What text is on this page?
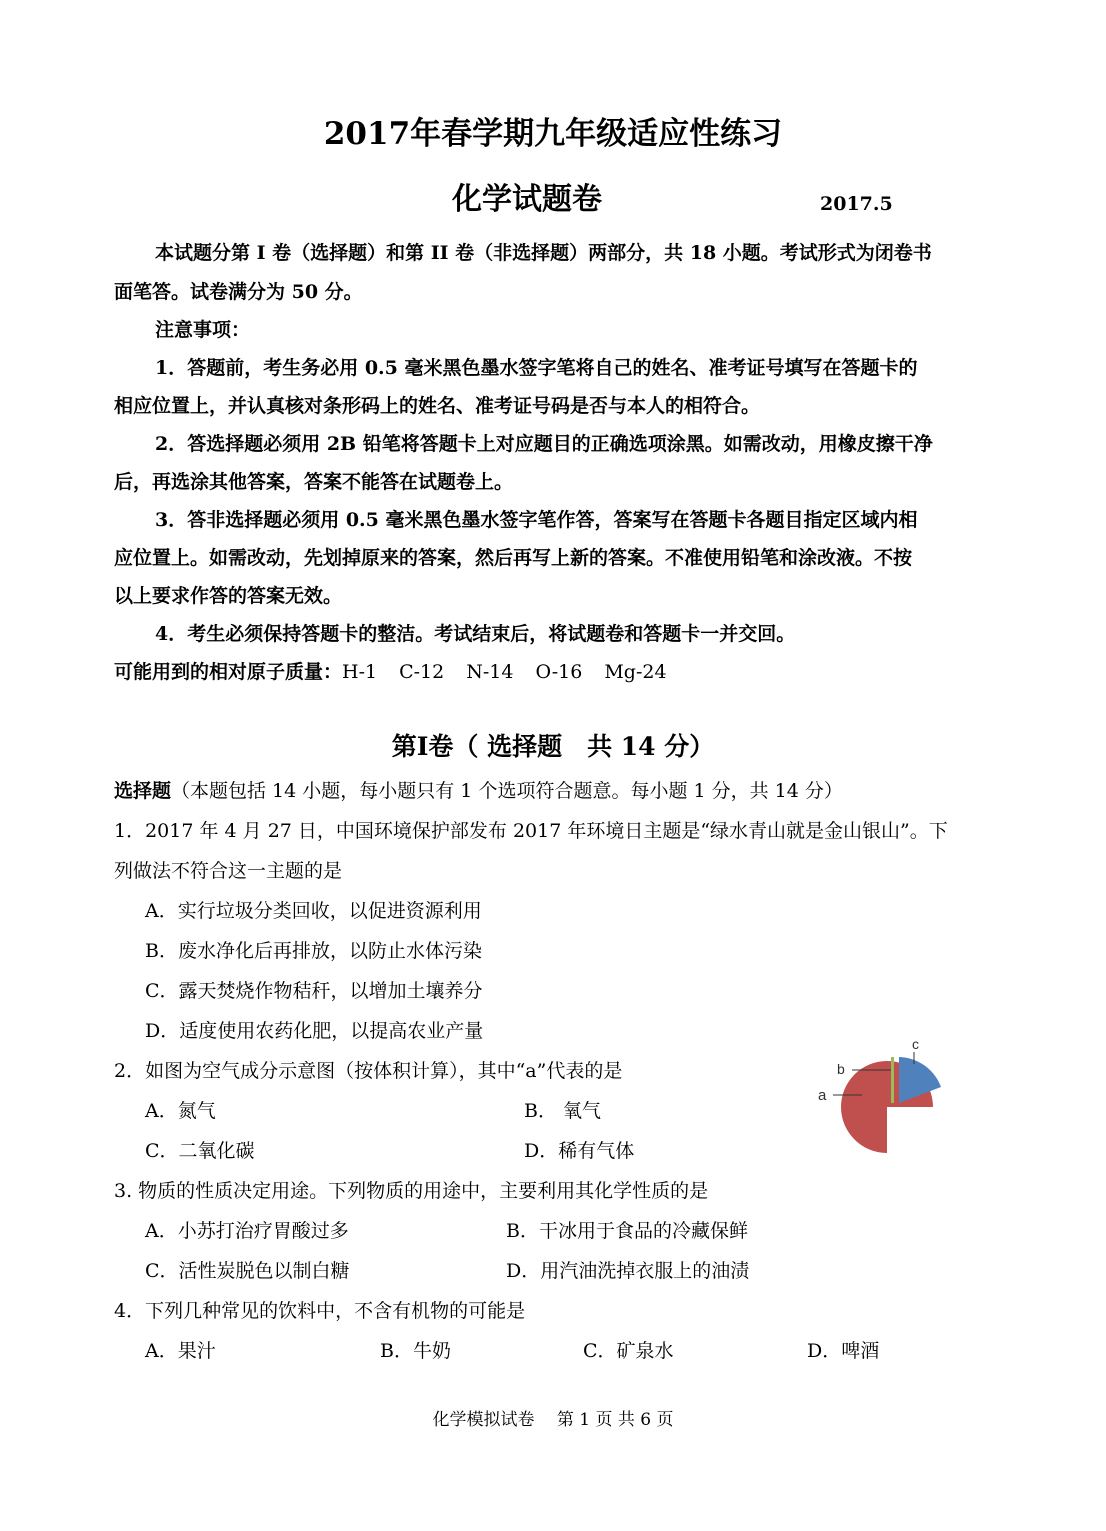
2017年春学期九年级适应性练习
化学试题卷	2017.5
本试题分第 I 卷（选择题）和第 II 卷（非选择题）两部分，共 18 小题。考试形式为闭卷书
面笔答。试卷满分为 50 分。
注意事项：
1．答题前，考生务必用 0.5 毫米黑色墨水签字笔将自己的姓名、准考证号填写在答题卡的
相应位置上，并认真核对条形码上的姓名、准考证号码是否与本人的相符合。
2．答选择题必须用 2B 铅笔将答题卡上对应题目的正确选项涂黑。如需改动，用橡皮擦干净
后，再选涂其他答案，答案不能答在试题卷上。
3．答非选择题必须用 0.5 毫米黑色墨水签字笔作答，答案写在答题卡各题目指定区域内相
应位置上。如需改动，先划掉原来的答案，然后再写上新的答案。不准使用铅笔和涂改液。不按
以上要求作答的答案无效。
4．考生必须保持答题卡的整洁。考试结束后，将试题卷和答题卡一并交回。
可能用到的相对原子质量：H-1 C-12 N-14 O-16 Mg-24
第I卷（ 选择题　共 14 分）
选择题（本题包括 14 小题，每小题只有 1 个选项符合题意。每小题 1 分，共 14 分）
1．2017 年 4 月 27 日，中国环境保护部发布 2017 年环境日主题是“绿水青山就是金山银山”。下
列做法不符合这一主题的是
A．实行垃圾分类回收，以促进资源利用
B．废水净化后再排放，以防止水体污染
C．露天焚烧作物秸秆，以增加土壤养分
D．适度使用农药化肥，以提高农业产量
2．如图为空气成分示意图（按体积计算），其中“a”代表的是
A．氮气	B． 氧气
C．二氧化碳	D．稀有气体
a
b
c
3. 物质的性质决定用途。下列物质的用途中，主要利用其化学性质的是
A．小苏打治疗胃酸过多	B．干冰用于食品的冷藏保鲜
C．活性炭脱色以制白糖	D．用汽油洗掉衣服上的油渍
4．下列几种常见的饮料中，不含有机物的可能是
A．果汁	B．牛奶	C．矿泉水	D．啤酒
化学模拟试卷　 第 1 页 共 6 页
